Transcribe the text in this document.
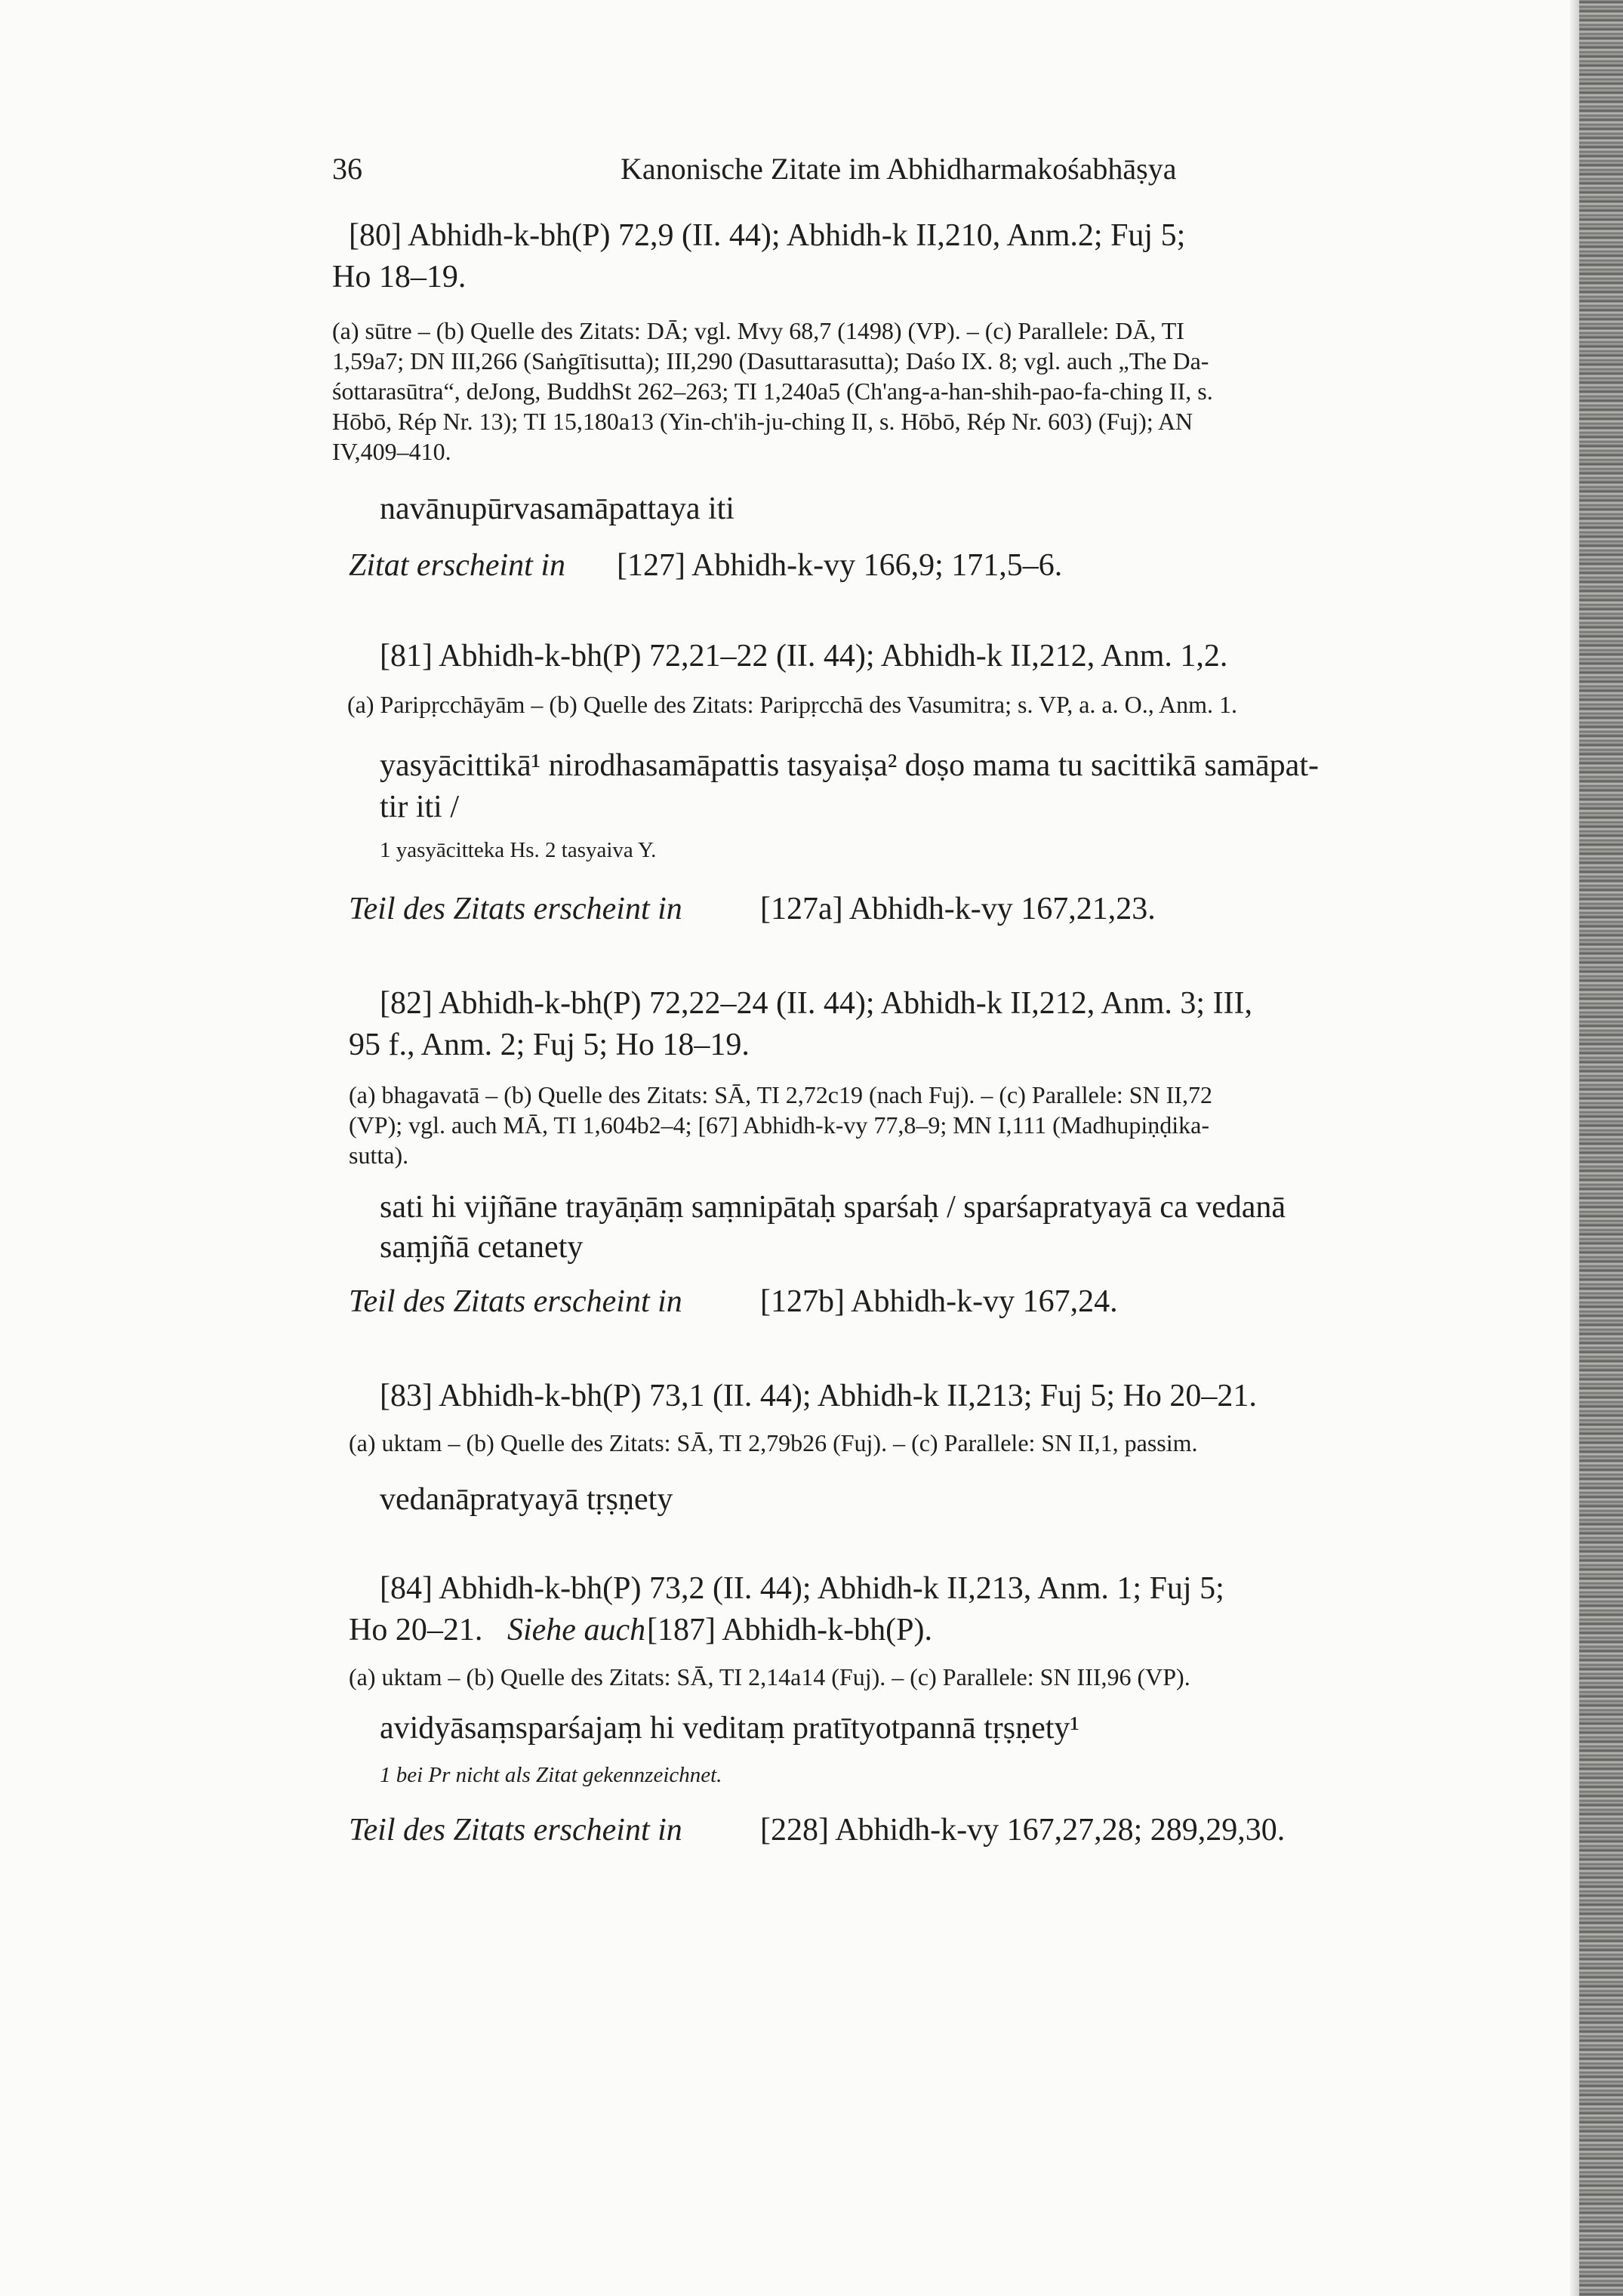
36	Kanonische Zitate im Abhidharmakośabhāṣya
[80] Abhidh-k-bh(P) 72,9 (II. 44); Abhidh-k II,210, Anm.2; Fuj 5;
Ho 18–19.
(a) sūtre – (b) Quelle des Zitats: DĀ; vgl. Mvy 68,7 (1498) (VP). – (c) Parallele: DĀ, TI
1,59a7; DN III,266 (Saṅgītisutta); III,290 (Dasuttarasutta); Daśo IX. 8; vgl. auch „The Da-
śottarasūtra“, deJong, BuddhSt 262–263; TI 1,240a5 (Ch'ang-a-han-shih-pao-fa-ching II, s.
Hōbō, Rép Nr. 13); TI 15,180a13 (Yin-ch'ih-ju-ching II, s. Hōbō, Rép Nr. 603) (Fuj); AN
IV,409–410.
navānupūrvasamāpattaya iti
Zitat erscheint in [127] Abhidh-k-vy 166,9; 171,5–6.
[81] Abhidh-k-bh(P) 72,21–22 (II. 44); Abhidh-k II,212, Anm. 1,2.
(a) Paripṛcchāyām – (b) Quelle des Zitats: Paripṛcchā des Vasumitra; s. VP, a. a. O., Anm. 1.
yasyācittikā¹ nirodhasamāpattis tasyaiṣa² doṣo mama tu sacittikā samāpat-
tir iti /
1 yasyācitteka Hs. 2 tasyaiva Y.
Teil des Zitats erscheint in [127a] Abhidh-k-vy 167,21,23.
[82] Abhidh-k-bh(P) 72,22–24 (II. 44); Abhidh-k II,212, Anm. 3; III,
95 f., Anm. 2; Fuj 5; Ho 18–19.
(a) bhagavatā – (b) Quelle des Zitats: SĀ, TI 2,72c19 (nach Fuj). – (c) Parallele: SN II,72
(VP); vgl. auch MĀ, TI 1,604b2–4; [67] Abhidh-k-vy 77,8–9; MN I,111 (Madhupiṇḍika-
sutta).
sati hi vijñāne trayāṇāṃ saṃnipātaḥ sparśaḥ / sparśapratyayā ca vedanā
saṃjñā cetanety
Teil des Zitats erscheint in [127b] Abhidh-k-vy 167,24.
[83] Abhidh-k-bh(P) 73,1 (II. 44); Abhidh-k II,213; Fuj 5; Ho 20–21.
(a) uktam – (b) Quelle des Zitats: SĀ, TI 2,79b26 (Fuj). – (c) Parallele: SN II,1, passim.
vedanāpratyayā tṛṣṇety
[84] Abhidh-k-bh(P) 73,2 (II. 44); Abhidh-k II,213, Anm. 1; Fuj 5;
Ho 20–21. Siehe auch [187] Abhidh-k-bh(P).
(a) uktam – (b) Quelle des Zitats: SĀ, TI 2,14a14 (Fuj). – (c) Parallele: SN III,96 (VP).
avidyāsaṃsparśajaṃ hi veditaṃ pratītyotpannā tṛṣṇety¹
1 bei Pr nicht als Zitat gekennzeichnet.
Teil des Zitats erscheint in [228] Abhidh-k-vy 167,27,28; 289,29,30.
